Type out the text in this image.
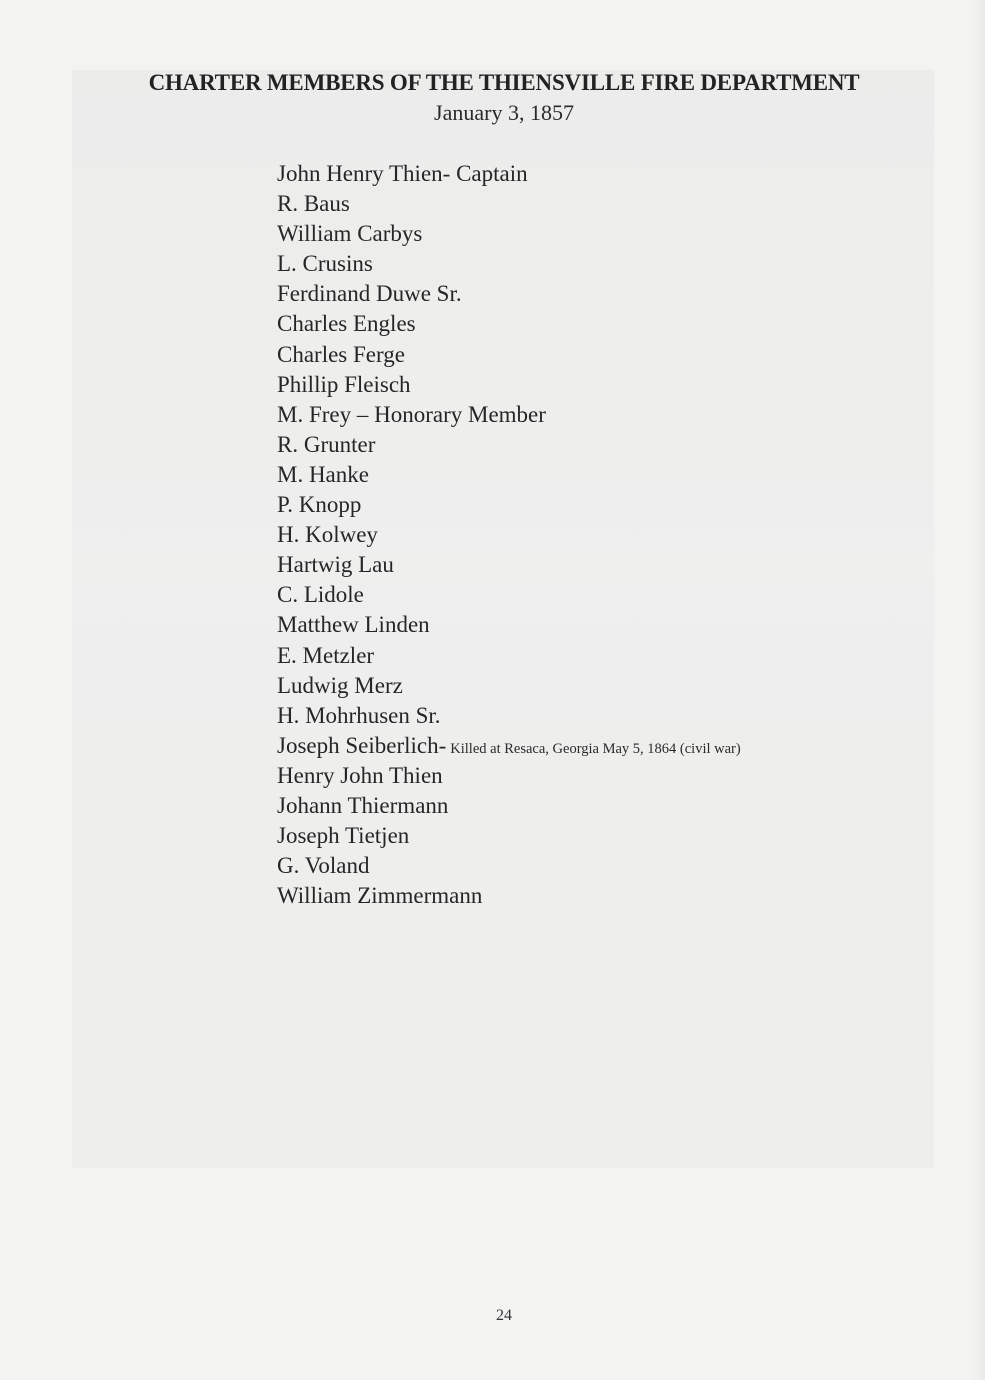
CHARTER MEMBERS OF THE THIENSVILLE FIRE DEPARTMENT
January 3, 1857
John Henry Thien- Captain
R. Baus
William Carbys
L. Crusins
Ferdinand Duwe Sr.
Charles Engles
Charles Ferge
Phillip Fleisch
M. Frey – Honorary Member
R. Grunter
M. Hanke
P. Knopp
H. Kolwey
Hartwig Lau
C. Lidole
Matthew Linden
E. Metzler
Ludwig Merz
H. Mohrhusen Sr.
Joseph Seiberlich- Killed at Resaca, Georgia May 5, 1864 (civil war)
Henry John Thien
Johann Thiermann
Joseph Tietjen
G. Voland
William Zimmermann
24
